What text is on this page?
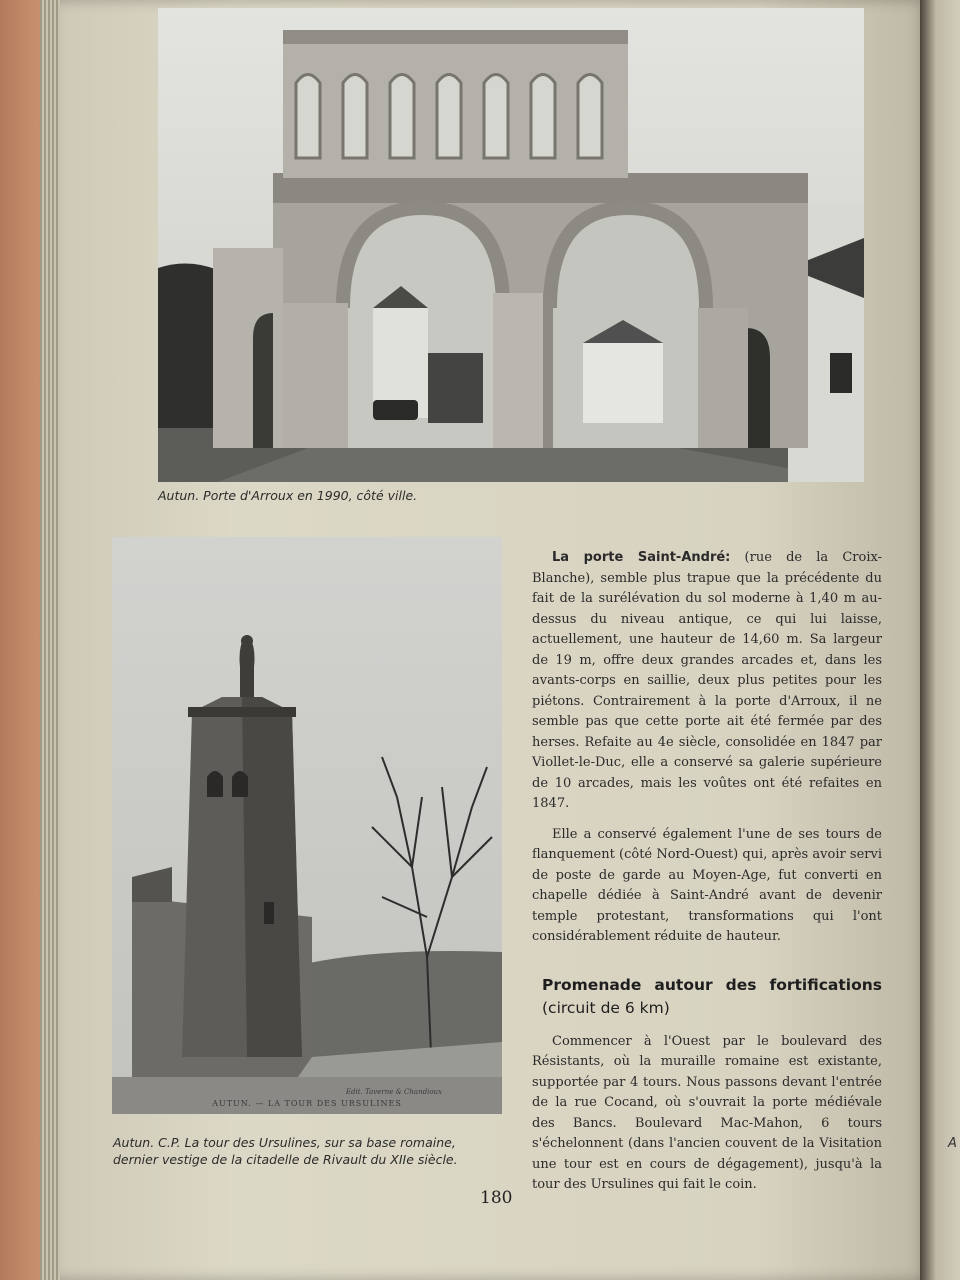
A
Autun. Porte d'Arroux en 1990, côté ville.
Edit. Taverne & Chandioux
AUTUN. — LA TOUR DES URSULINES
Autun. C.P. La tour des Ursulines, sur sa base romaine, dernier vestige de la citadelle de Rivault du XIIe siècle.

La porte Saint-André: (rue de la Croix-Blanche), semble plus trapue que la précédente du fait de la surélévation du sol moderne à 1,40 m au-dessus du niveau antique, ce qui lui laisse, actuellement, une hauteur de 14,60 m. Sa largeur de 19 m, offre deux grandes arcades et, dans les avants-corps en saillie, deux plus petites pour les piétons. Contrairement à la porte d'Arroux, il ne semble pas que cette porte ait été fermée par des herses. Refaite au 4e siècle, consolidée en 1847 par Viollet-le-Duc, elle a conservé sa galerie supérieure de 10 arcades, mais les voûtes ont été refaites en 1847.

Elle a conservé également l'une de ses tours de flanquement (côté Nord-Ouest) qui, après avoir servi de poste de garde au Moyen-Age, fut converti en chapelle dédiée à Saint-André avant de devenir temple protestant, transformations qui l'ont considérablement réduite de hauteur.

Promenade autour des fortifications (circuit de 6 km)

Commencer à l'Ouest par le boulevard des Résistants, où la muraille romaine est existante, supportée par 4 tours. Nous passons devant l'entrée de la rue Cocand, où s'ouvrait la porte médiévale des Bancs. Boulevard Mac-Mahon, 6 tours s'échelonnent (dans l'ancien couvent de la Visitation une tour est en cours de dégagement), jusqu'à la tour des Ursulines qui fait le coin.

180
